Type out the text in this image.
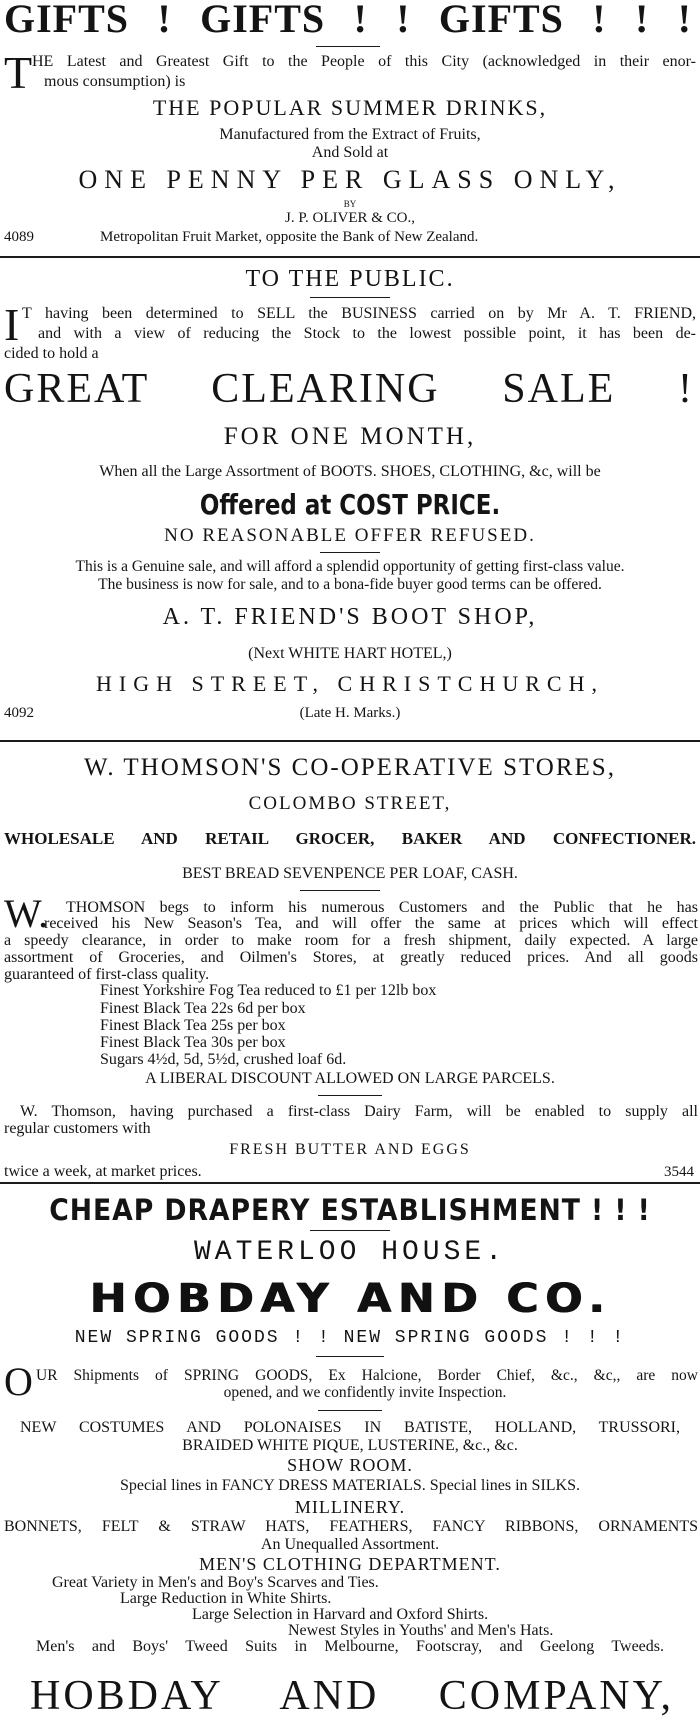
GIFTS ! GIFTS ! ! GIFTS ! ! !
T HE Latest and Greatest Gift to the People of this City (acknowledged in their enor-
mous consumption) is
THE POPULAR SUMMER DRINKS,
Manufactured from the Extract of Fruits,
And Sold at
ONE PENNY PER GLASS ONLY,
BY
J. P. OLIVER & CO.,
4089	Metropolitan Fruit Market, opposite the Bank of New Zealand.
TO THE PUBLIC.
I T having been determined to SELL the BUSINESS carried on by Mr A. T. FRIEND,
and with a view of reducing the Stock to the lowest possible point, it has been de-
cided to hold a
GREAT CLEARING SALE !
FOR ONE MONTH,
When all the Large Assortment of BOOTS. SHOES, CLOTHING, &c, will be
Offered at COST PRICE.
NO REASONABLE OFFER REFUSED.
This is a Genuine sale, and will afford a splendid opportunity of getting first-class value.
The business is now for sale, and to a bona-fide buyer good terms can be offered.
A. T. FRIEND'S BOOT SHOP,
(Next WHITE HART HOTEL,)
HIGH STREET, CHRISTCHURCH,
4092	(Late H. Marks.)
W. THOMSON'S CO-OPERATIVE STORES,
COLOMBO STREET,
WHOLESALE AND RETAIL GROCER, BAKER AND CONFECTIONER.
BEST BREAD SEVENPENCE PER LOAF, CASH.
W. THOMSON begs to inform his numerous Customers and the Public that he has
received his New Season's Tea, and will offer the same at prices which will effect
a speedy clearance, in order to make room for a fresh shipment, daily expected. A large
assortment of Groceries, and Oilmen's Stores, at greatly reduced prices. And all goods
guaranteed of first-class quality.
Finest Yorkshire Fog Tea reduced to £1 per 12lb box
Finest Black Tea 22s 6d per box
Finest Black Tea 25s per box
Finest Black Tea 30s per box
Sugars 4½d, 5d, 5½d, crushed loaf 6d.
A LIBERAL DISCOUNT ALLOWED ON LARGE PARCELS.
W. Thomson, having purchased a first-class Dairy Farm, will be enabled to supply all
regular customers with
FRESH BUTTER AND EGGS
twice a week, at market prices.	3544
CHEAP DRAPERY ESTABLISHMENT ! ! !
WATERLOO HOUSE.
HOBDAY AND CO.
NEW SPRING GOODS ! ! NEW SPRING GOODS ! ! !
O UR Shipments of SPRING GOODS, Ex Halcione, Border Chief, &c., &c,, are now
opened, and we confidently invite Inspection.
NEW COSTUMES AND POLONAISES IN BATISTE, HOLLAND, TRUSSORI,
BRAIDED WHITE PIQUE, LUSTERINE, &c., &c.
SHOW ROOM.
Special lines in FANCY DRESS MATERIALS. Special lines in SILKS.
MILLINERY.
BONNETS, FELT & STRAW HATS, FEATHERS, FANCY RIBBONS, ORNAMENTS
An Unequalled Assortment.
MEN'S CLOTHING DEPARTMENT.
Great Variety in Men's and Boy's Scarves and Ties.
Large Reduction in White Shirts.
Large Selection in Harvard and Oxford Shirts.
Newest Styles in Youths' and Men's Hats.
Men's and Boys' Tweed Suits in Melbourne, Footscray, and Geelong Tweeds.
HOBDAY AND COMPANY,
